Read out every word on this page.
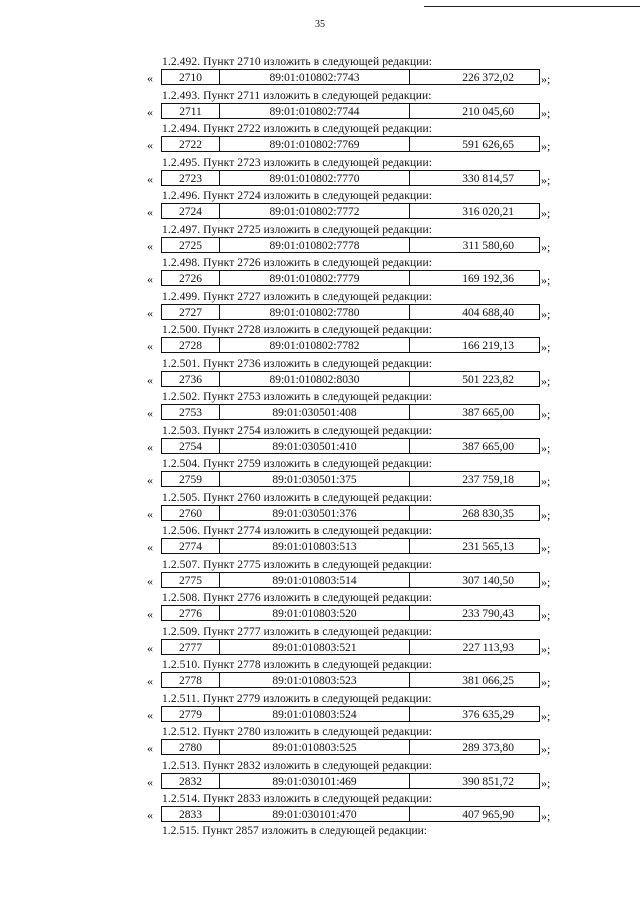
35
1.2.492. Пункт 2710 изложить в следующей редакции:
«	2710	89:01:010802:7743	226 372,02	»;
1.2.493. Пункт 2711 изложить в следующей редакции:
«	2711	89:01:010802:7744	210 045,60	»;
1.2.494. Пункт 2722 изложить в следующей редакции:
«	2722	89:01:010802:7769	591 626,65	»;
1.2.495. Пункт 2723 изложить в следующей редакции:
«	2723	89:01:010802:7770	330 814,57	»;
1.2.496. Пункт 2724 изложить в следующей редакции:
«	2724	89:01:010802:7772	316 020,21	»;
1.2.497. Пункт 2725 изложить в следующей редакции:
«	2725	89:01:010802:7778	311 580,60	»;
1.2.498. Пункт 2726 изложить в следующей редакции:
«	2726	89:01:010802:7779	169 192,36	»;
1.2.499. Пункт 2727 изложить в следующей редакции:
«	2727	89:01:010802:7780	404 688,40	»;
1.2.500. Пункт 2728 изложить в следующей редакции:
«	2728	89:01:010802:7782	166 219,13	»;
1.2.501. Пункт 2736 изложить в следующей редакции:
«	2736	89:01:010802:8030	501 223,82	»;
1.2.502. Пункт 2753 изложить в следующей редакции:
«	2753	89:01:030501:408	387 665,00	»;
1.2.503. Пункт 2754 изложить в следующей редакции:
«	2754	89:01:030501:410	387 665,00	»;
1.2.504. Пункт 2759 изложить в следующей редакции:
«	2759	89:01:030501:375	237 759,18	»;
1.2.505. Пункт 2760 изложить в следующей редакции:
«	2760	89:01:030501:376	268 830,35	»;
1.2.506. Пункт 2774 изложить в следующей редакции:
«	2774	89:01:010803:513	231 565,13	»;
1.2.507. Пункт 2775 изложить в следующей редакции:
«	2775	89:01:010803:514	307 140,50	»;
1.2.508. Пункт 2776 изложить в следующей редакции:
«	2776	89:01:010803:520	233 790,43	»;
1.2.509. Пункт 2777 изложить в следующей редакции:
«	2777	89:01:010803:521	227 113,93	»;
1.2.510. Пункт 2778 изложить в следующей редакции:
«	2778	89:01:010803:523	381 066,25	»;
1.2.511. Пункт 2779 изложить в следующей редакции:
«	2779	89:01:010803:524	376 635,29	»;
1.2.512. Пункт 2780 изложить в следующей редакции:
«	2780	89:01:010803:525	289 373,80	»;
1.2.513. Пункт 2832 изложить в следующей редакции:
«	2832	89:01:030101:469	390 851,72	»;
1.2.514. Пункт 2833 изложить в следующей редакции:
«	2833	89:01:030101:470	407 965,90	»;
1.2.515. Пункт 2857 изложить в следующей редакции:
